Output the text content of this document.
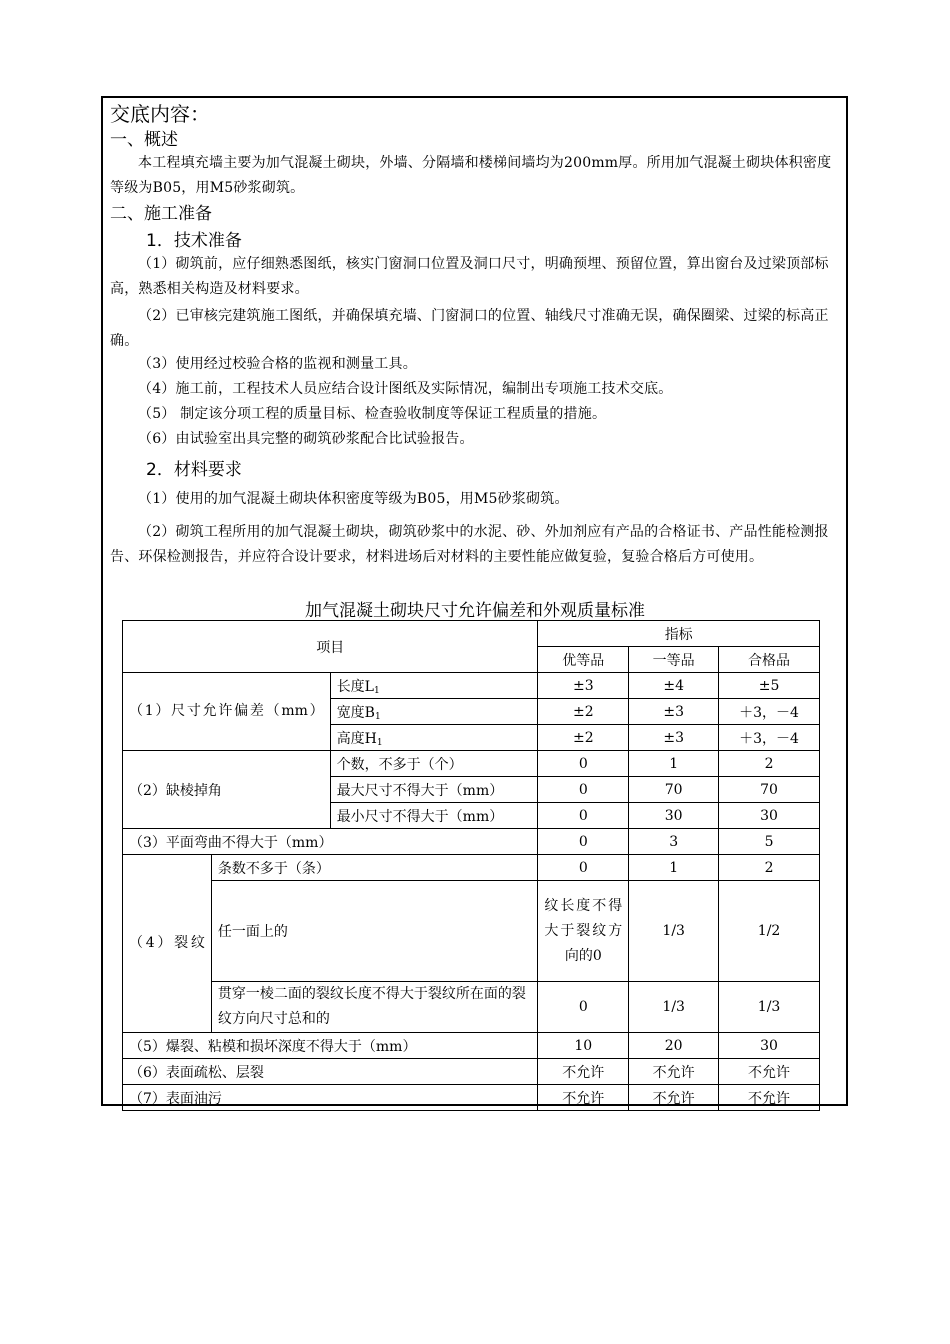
交底内容：
一、概述
本工程填充墙主要为加气混凝土砌块，外墙、分隔墙和楼梯间墙均为200mm厚。所用加气混凝土砌块体积密度等级为B05，用M5砂浆砌筑。
二、施工准备
1．技术准备
（1）砌筑前，应仔细熟悉图纸，核实门窗洞口位置及洞口尺寸，明确预埋、预留位置，算出窗台及过梁顶部标高，熟悉相关构造及材料要求。
（2）已审核完建筑施工图纸，并确保填充墙、门窗洞口的位置、轴线尺寸准确无误，确保圈梁、过梁的标高正确。
（3）使用经过校验合格的监视和测量工具。
（4）施工前，工程技术人员应结合设计图纸及实际情况，编制出专项施工技术交底。
（5） 制定该分项工程的质量目标、检查验收制度等保证工程质量的措施。
（6）由试验室出具完整的砌筑砂浆配合比试验报告。
2．材料要求
（1）使用的加气混凝土砌块体积密度等级为B05，用M5砂浆砌筑。
（2）砌筑工程所用的加气混凝土砌块，砌筑砂浆中的水泥、砂、外加剂应有产品的合格证书、产品性能检测报告、环保检测报告，并应符合设计要求，材料进场后对材料的主要性能应做复验，复验合格后方可使用。
加气混凝土砌块尺寸允许偏差和外观质量标准
项目			指标		
			优等品	一等品	合格品
（1）尺寸允许偏差（mm）		长度$L_1$	±3	±4	±5
		宽度$B_1$	±2	±3	＋3，－4
		高度$H_1$	±2	±3	＋3，－4
（2）缺棱掉角		个数，不多于（个）	0	1	2
		最大尺寸不得大于（mm）	0	70	70
		最小尺寸不得大于（mm）	0	30	30
（3）平面弯曲不得大于（mm）			0	3	5
（4）裂纹	条数不多于（条）		0	1	2
	任一面上的		纹长度不得大于裂纹方向的0	1/3	1/2
	贯穿一棱二面的裂纹长度不得大于裂纹所在面的裂纹方向尺寸总和的		0	1/3	1/3
（5）爆裂、粘模和损坏深度不得大于（mm）			10	20	30
（6）表面疏松、层裂			不允许	不允许	不允许
（7）表面油污			不允许	不允许	不允许
